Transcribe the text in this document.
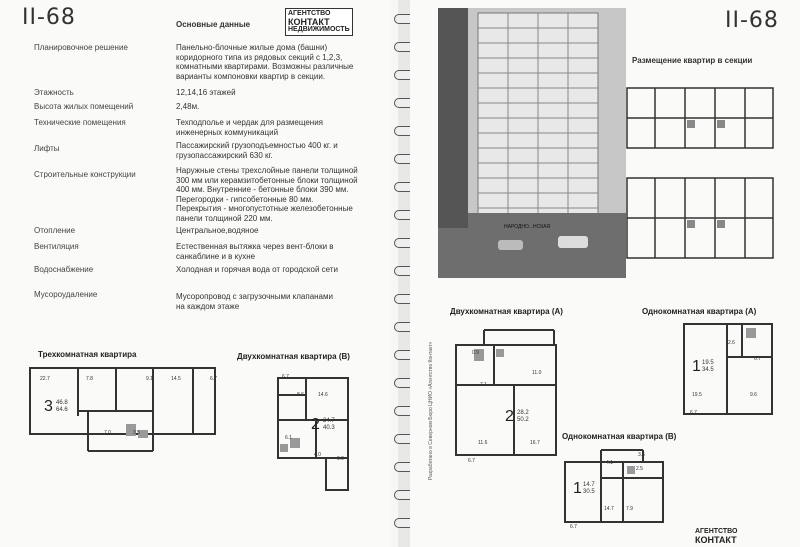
II-68	Основные данные
АГЕНТСТВО
КОНТАКТ
НЕДВИЖИМОСТЬ
Планировочное решение	Панельно-блочные жилые дома (башни)
коридорного типа из рядовых секций с 1,2,3,
комнатными квартирами. Возможны различные
варианты компоновки квартир в секции.
Этажность	12,14,16 этажей
Высота жилых помещений	2,48м.
Технические помещения	Техподполье и чердак для размещения
инженерных коммуникаций
Лифты	Пассажирский грузоподъемностью 400 кг. и
грузопассажирский 630 кг.
Строительные конструкции	Наружные стены трехслойные панели толщиной
300 мм или керамзитобетонные блоки толщиной
400 мм. Внутренние - бетонные блоки 390 мм.
Перегородки - гипсобетонные 80 мм.
Перекрытия - многопустотные железобетонные
панели толщиной 220 мм.
Отопление	Центральное,водяное
Вентиляция	Естественная вытяжка через вент-блоки в
санкаблине и в кухне
Водоснабжение	Холодная и горячая вода от городской сети
Мусороудаление	Мусоропровод с загрузочными клапанами
на каждом этаже
Трехкомнатная квартира
22.7	7.8	9.1	14.5	6.7
7.0	3.5
3 46.8
64.6
Двухкомнатная квартира (В)
6.7
8.6	14.6
6.1
4.0
9.9
2 24.7
40.3
НАРОДНО...НСКАЯ
II-68
Размещение квартир в секции
Разработано в Северном Бюро ЦНИО «Агентство Контакт»
Двухкомнатная квартира (А)
0.9
11.0
7.1
11.6	16.7
6.7
2 28.2
50.2
Однокомнатная квартира (А)
2.6
6.7
19.5	9.6
6.7
1 19.5
34.5
Однокомнатная квартира (В)
4.1
3.5
2.5
14.7 7.9
6.7
1 14.7
30.5
АГЕНТСТВО
КОНТАКТ
